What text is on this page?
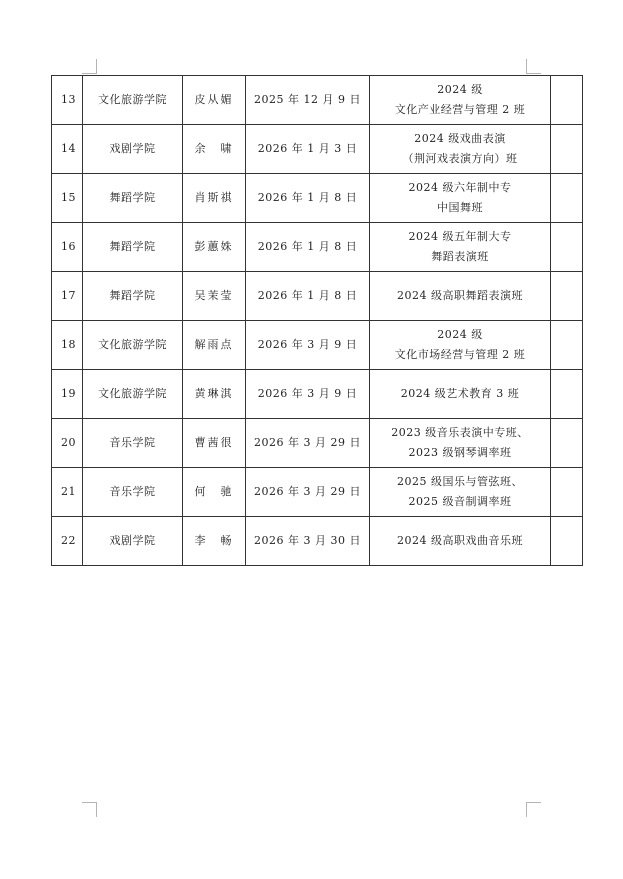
13	文化旅游学院	皮从媚	2025 年 12 月 9 日	2024 级
文化产业经营与管理 2 班	

14	戏剧学院	余　啸	2026 年 1 月 3 日	2024 级戏曲表演
（荆河戏表演方向）班	

15	舞蹈学院	肖斯祺	2026 年 1 月 8 日	2024 级六年制中专
中国舞班	

16	舞蹈学院	彭蕙姝	2026 年 1 月 8 日	2024 级五年制大专
舞蹈表演班	

17	舞蹈学院	吴茉莹	2026 年 1 月 8 日	2024 级高职舞蹈表演班	

18	文化旅游学院	解雨点	2026 年 3 月 9 日	2024 级
文化市场经营与管理 2 班	

19	文化旅游学院	黄琳淇	2026 年 3 月 9 日	2024 级艺术教育 3 班	

20	音乐学院	曹茜很	2026 年 3 月 29 日	2023 级音乐表演中专班、
2023 级钢琴调率班	

21	音乐学院	何　驰	2026 年 3 月 29 日	2025 级国乐与管弦班、
2025 级音制调率班	

22	戏剧学院	李　畅	2026 年 3 月 30 日	2024 级高职戏曲音乐班	
